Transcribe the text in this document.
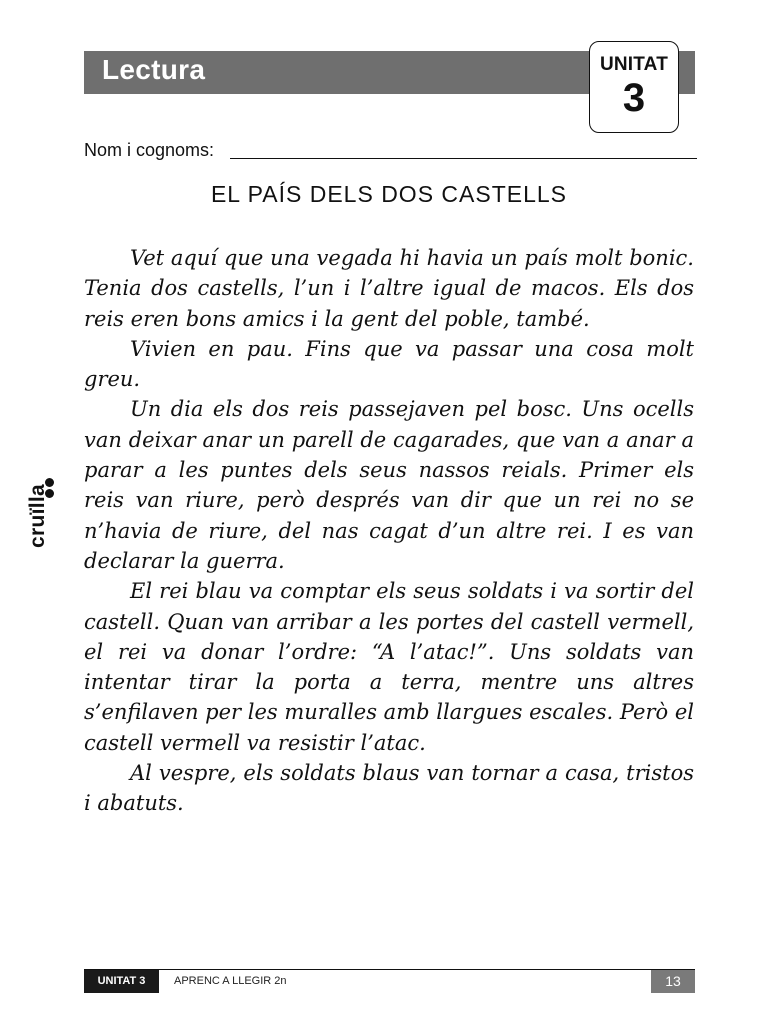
Lectura	UNITAT
3
Nom i cognoms:
EL PAÍS DELS DOS CASTELLS

Vet aquí que una vegada hi havia un país molt bonic. Tenia dos castells, l’un i l’altre igual de macos. Els dos reis eren bons amics i la gent del poble, també.

Vivien en pau. Fins que va passar una cosa molt greu.

Un dia els dos reis passejaven pel bosc. Uns ocells van deixar anar un parell de cagarades, que van a anar a parar a les puntes dels seus nassos reials. Primer els reis van riure, però després van dir que un rei no se n’havia de riure, del nas cagat d’un altre rei. I es van declarar la guerra.

El rei blau va comptar els seus soldats i va sortir del castell. Quan van arribar a les portes del castell vermell, el rei va donar l’ordre: “A l’atac!”. Uns soldats van intentar tirar la porta a terra, mentre uns altres s’enfilaven per les muralles amb llargues escales. Però el castell vermell va resistir l’atac.

Al vespre, els soldats blaus van tornar a casa, tristos i abatuts.

cruïlla
UNITAT 3	APRENC A LLEGIR 2n	13
